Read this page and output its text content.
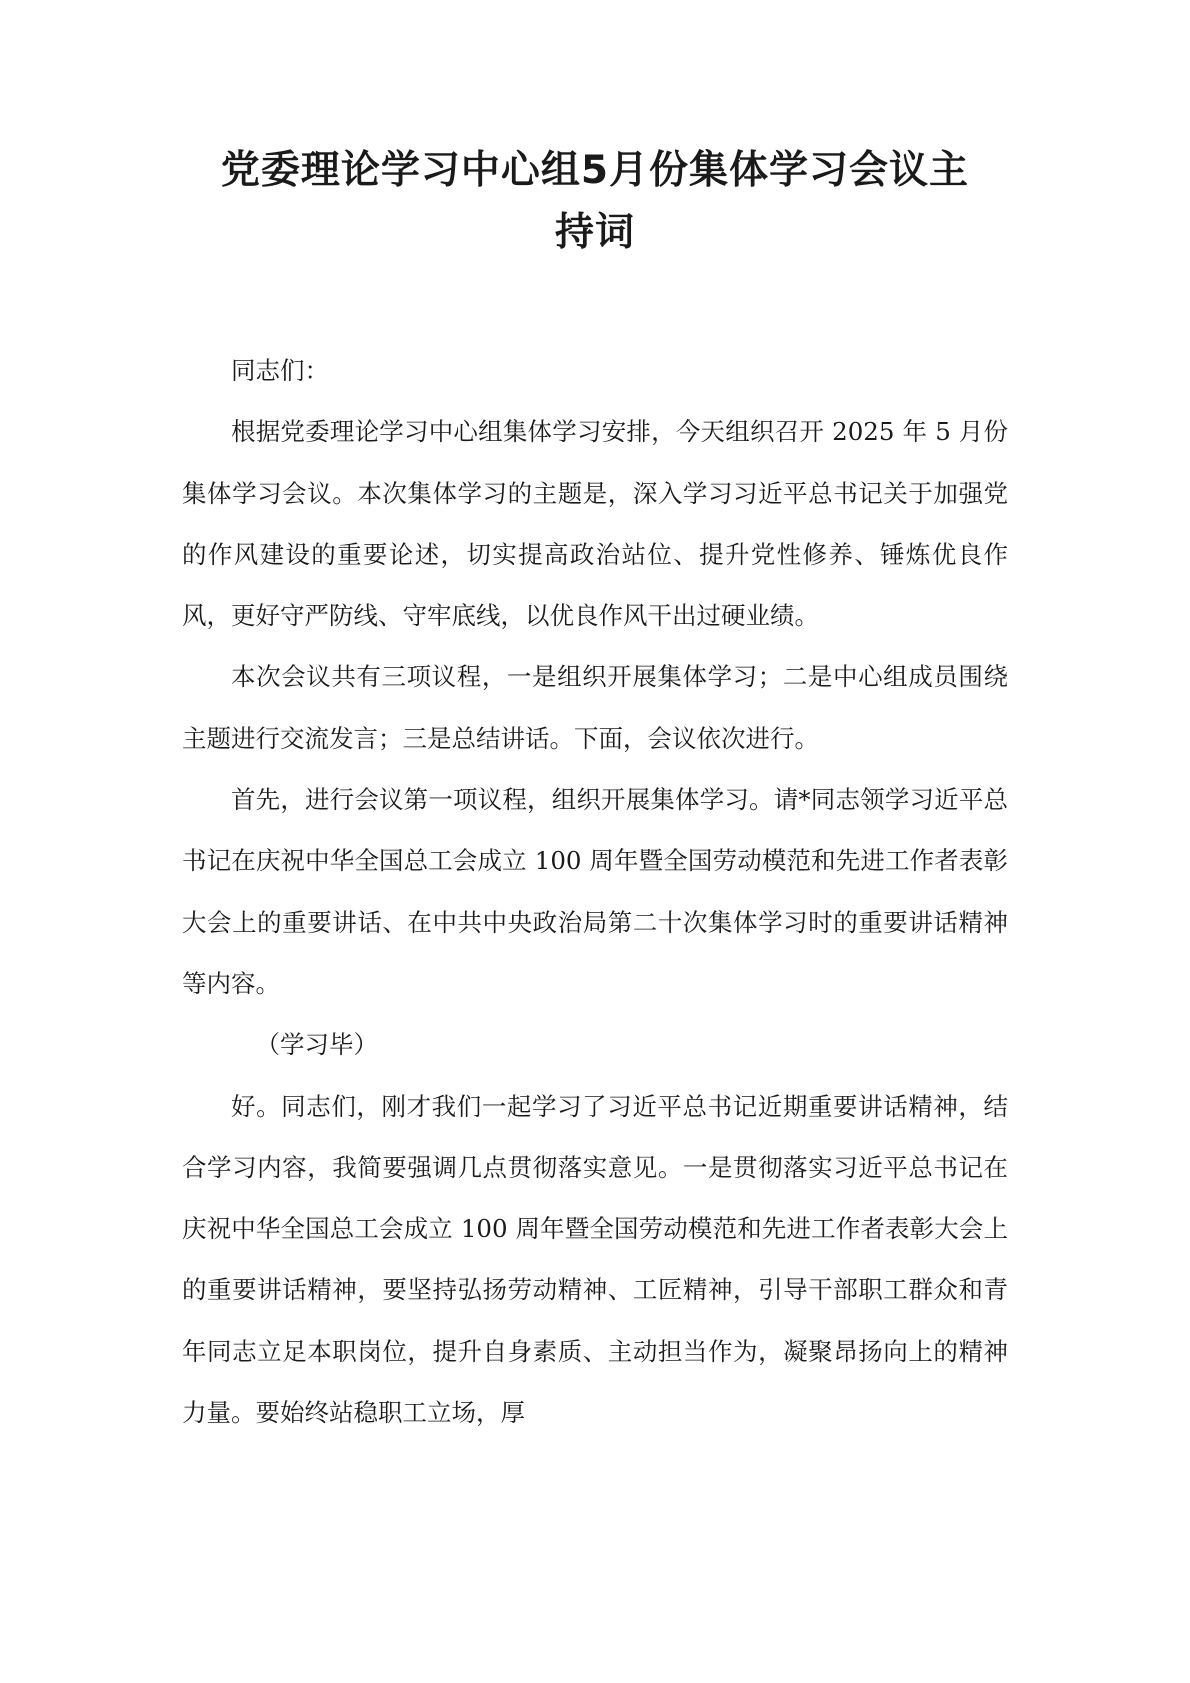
党委理论学习中心组5月份集体学习会议主
持词

同志们：

根据党委理论学习中心组集体学习安排，今天组织召开 2025 年 5 月份集体学习会议。本次集体学习的主题是，深入学习习近平总书记关于加强党的作风建设的重要论述，切实提高政治站位、提升党性修养、锤炼优良作风，更好守严防线、守牢底线，以优良作风干出过硬业绩。

本次会议共有三项议程，一是组织开展集体学习；二是中心组成员围绕主题进行交流发言；三是总结讲话。下面，会议依次进行。

首先，进行会议第一项议程，组织开展集体学习。请*同志领学习近平总书记在庆祝中华全国总工会成立 100 周年暨全国劳动模范和先进工作者表彰大会上的重要讲话、在中共中央政治局第二十次集体学习时的重要讲话精神等内容。

（学习毕）

好。同志们，刚才我们一起学习了习近平总书记近期重要讲话精神，结合学习内容，我简要强调几点贯彻落实意见。一是贯彻落实习近平总书记在庆祝中华全国总工会成立 100 周年暨全国劳动模范和先进工作者表彰大会上的重要讲话精神，要坚持弘扬劳动精神、工匠精神，引导干部职工群众和青年同志立足本职岗位，提升自身素质、主动担当作为，凝聚昂扬向上的精神力量。要始终站稳职工立场，厚
